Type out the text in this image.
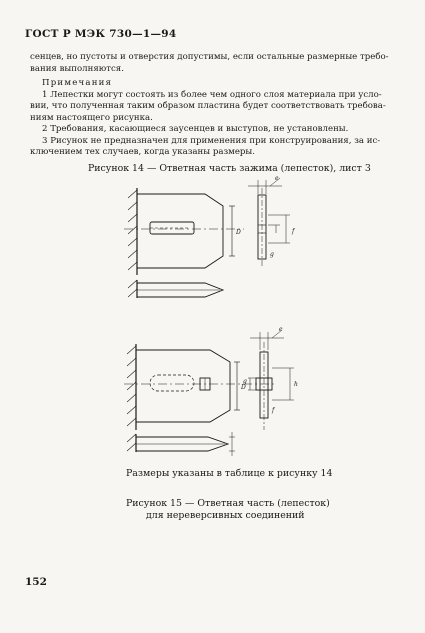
ГОСТ Р МЭК 730—1—94
сенцев, но пустоты и отверстия допустимы, если остальные размерные требо-
вания выполняются.
Примечания
1 Лепестки могут состоять из более чем одного слоя материала при усло-
вии, что полученная таким образом пластина будет соответствовать требова-
ниям настоящего рисунка.
2 Требования, касающиеся заусенцев и выступов, не установлены.
3 Рисунок не предназначен для применения при конструирования, за ис-
ключением тех случаев, когда указаны размеры.
Рисунок 14 — Ответная часть зажима (лепесток), лист 3
e
f
D
g
e
h
D
g
f
Размеры указаны в таблице к рисунку 14
Рисунок 15 — Ответная часть (лепесток)
для нереверсивных соединений
152
